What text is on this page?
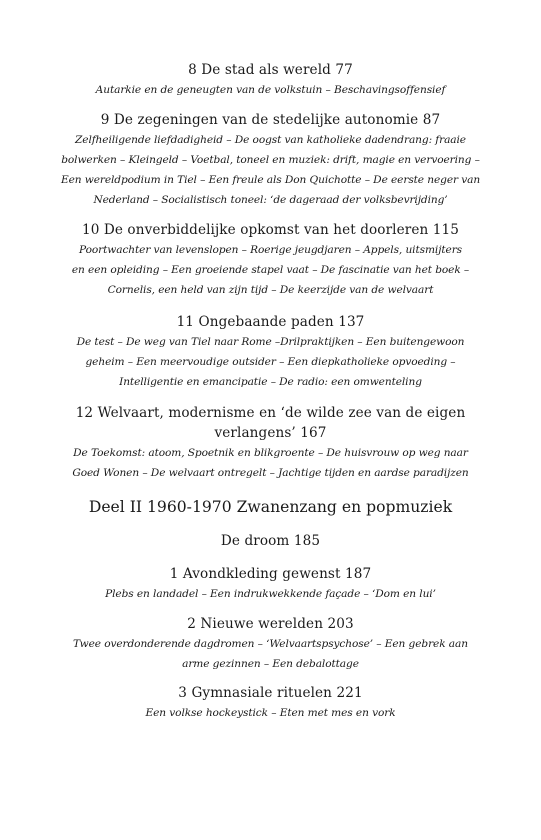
8 De stad als wereld 77
Autarkie en de geneugten van de volkstuin – Beschavingsoffensief
9 De zegeningen van de stedelijke autonomie 87
Zelfheiligende liefdadigheid – De oogst van katholieke dadendrang: fraaie
bolwerken – Kleingeld – Voetbal, toneel en muziek: drift, magie en vervoering –
Een wereldpodium in Tiel – Een freule als Don Quichotte – De eerste neger van
Nederland – Socialistisch toneel: ‘de dageraad der volksbevrijding’
10 De onverbiddelijke opkomst van het doorleren 115
Poortwachter van levenslopen – Roerige jeugdjaren – Appels, uitsmijters
en een opleiding – Een groeiende stapel vaat – De fascinatie van het boek –
Cornelis, een held van zijn tijd – De keerzijde van de welvaart
11 Ongebaande paden 137
De test – De weg van Tiel naar Rome –Drilpraktijken – Een buitengewoon
geheim – Een meervoudige outsider – Een diepkatholieke opvoeding –
Intelligentie en emancipatie – De radio: een omwenteling
12 Welvaart, modernisme en ‘de wilde zee van de eigen
verlangens’ 167
De Toekomst: atoom, Spoetnik en blikgroente – De huisvrouw op weg naar
Goed Wonen – De welvaart ontregelt – Jachtige tijden en aardse paradijzen
Deel II 1960-1970 Zwanenzang en popmuziek
De droom 185
1 Avondkleding gewenst 187
Plebs en landadel – Een indrukwekkende façade – ‘Dom en lui’
2 Nieuwe werelden 203
Twee overdonderende dagdromen – ‘Welvaartspsychose’ – Een gebrek aan
arme gezinnen – Een debalottage
3 Gymnasiale rituelen 221
Een volkse hockeystick – Eten met mes en vork
